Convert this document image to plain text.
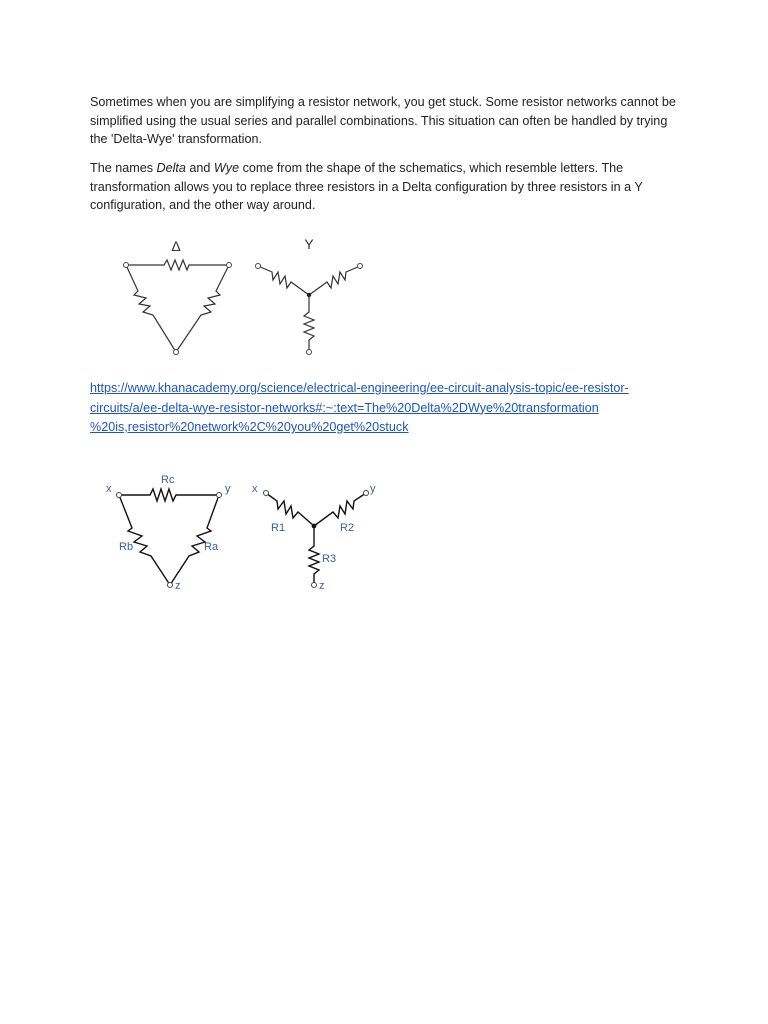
Sometimes when you are simplifying a resistor network, you get stuck. Some resistor networks cannot be simplified using the usual series and parallel combinations. This situation can often be handled by trying the 'Delta-Wye' transformation.

The names Delta and Wye come from the shape of the schematics, which resemble letters. The transformation allows you to replace three resistors in a Delta configuration by three resistors in a Y configuration, and the other way around.

Δ	Y
https://www.khanacademy.org/science/electrical-engineering/ee-circuit-analysis-topic/ee-resistor-
circuits/a/ee-delta-wye-resistor-networks#:~:text=The%20Delta%2DWye%20transformation
%20is,resistor%20network%2C%20you%20get%20stuck
x	y
z
Rc
Rb	Ra
x	y
z
R1	R2
R3
